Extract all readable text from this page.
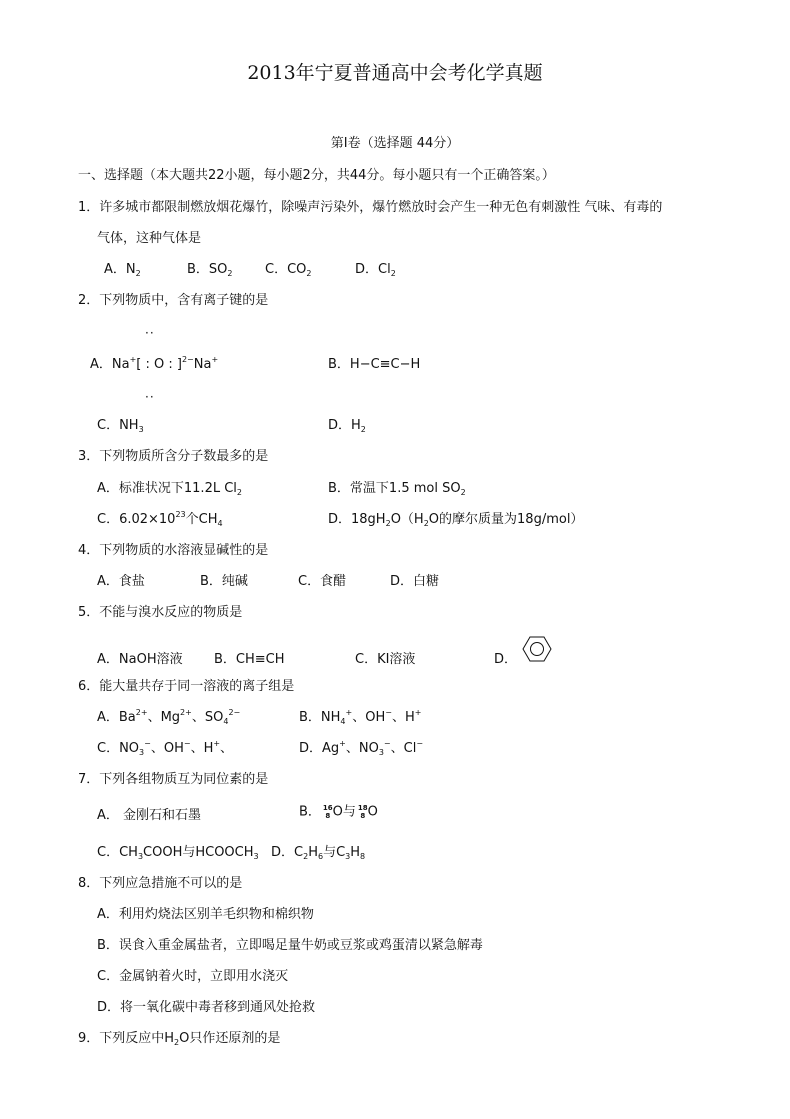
2013年宁夏普通高中会考化学真题
第Ⅰ卷（选择题 44分）
一、选择题（本大题共22小题，每小题2分，共44分。每小题只有一个正确答案。）
1．许多城市都限制燃放烟花爆竹，除噪声污染外，爆竹燃放时会产生一种无色有刺激性 气味、有毒的
气体，这种气体是
A．$N_2$	B．$SO_2$	C．$CO_2$	D．$Cl_2$
2．下列物质中，含有离子键的是
··
A．Na+[ : O : ]$^{2-}$Na+	B．H−C≡C−H
··
C．$NH_3$	D．$H_2$
3．下列物质所含分子数最多的是
A．标准状况下11.2L $Cl_2$	B．常温下1.5 mol $SO_2$
C．$6.02\times 10^{23}$个$CH_4$	D．$18gH_2O(H_2O$的摩尔质量为18g/mol）
4．下列物质的水溶液显碱性的是
A．食盐	B．纯碱	C．食醋	D．白糖
5．不能与溴水反应的物质是
A．NaOH溶液 B．CH≡CH	C．KI溶液	D．
6．能大量共存于同一溶液的离子组是
A．$Ba^{2+}$、$Mg^{2+}$、$SO_4^{2-}$	B．$NH_4^+$、OH−、H+
C．$NO_3^-$、OH−、H+、	D．Ag+、$NO_3^-$、Cl−
7．下列各组物质互为同位素的是
A． 金刚石和石墨	B． 16
8 O与 18
8 O
C．$CH_3COOH$与$HCOOCH_3$ D．$C_2H_6$与$C_3H_8$
8．下列应急措施不可以的是
A．利用灼烧法区别羊毛织物和棉织物
B．误食入重金属盐者，立即喝足量牛奶或豆浆或鸡蛋清以紧急解毒
C．金属钠着火时，立即用水浇灭
D．将一氧化碳中毒者移到通风处抢救
9．下列反应中$H_2O$只作还原剂的是
